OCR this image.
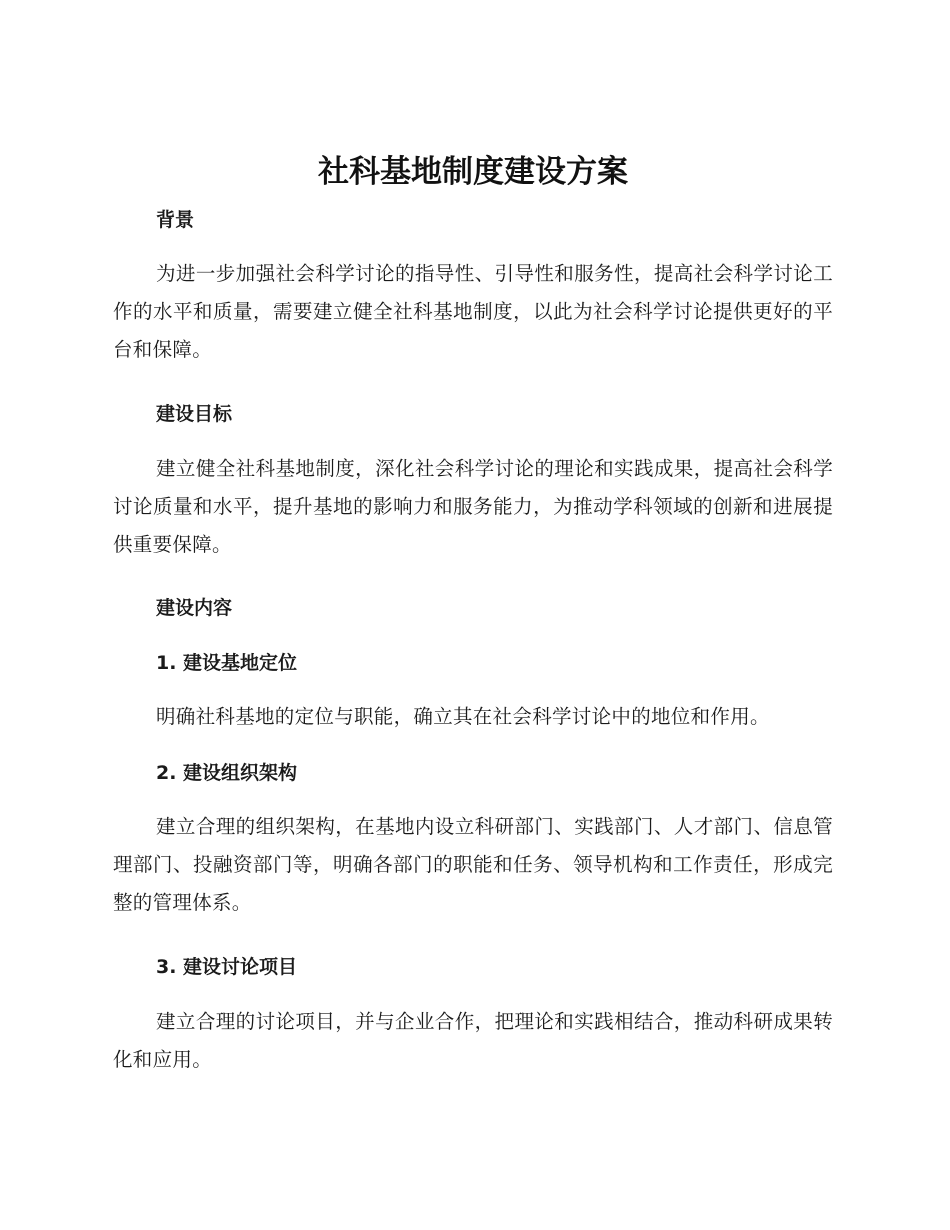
社科基地制度建设方案
背景

为进一步加强社会科学讨论的指导性、引导性和服务性，提高社会科学讨论工作的水平和质量，需要建立健全社科基地制度，以此为社会科学讨论提供更好的平台和保障。

建设目标

建立健全社科基地制度，深化社会科学讨论的理论和实践成果，提高社会科学讨论质量和水平，提升基地的影响力和服务能力，为推动学科领域的创新和进展提供重要保障。

建设内容
1. 建设基地定位

明确社科基地的定位与职能，确立其在社会科学讨论中的地位和作用。

2. 建设组织架构

建立合理的组织架构，在基地内设立科研部门、实践部门、人才部门、信息管理部门、投融资部门等，明确各部门的职能和任务、领导机构和工作责任，形成完整的管理体系。

3. 建设讨论项目

建立合理的讨论项目，并与企业合作，把理论和实践相结合，推动科研成果转化和应用。
